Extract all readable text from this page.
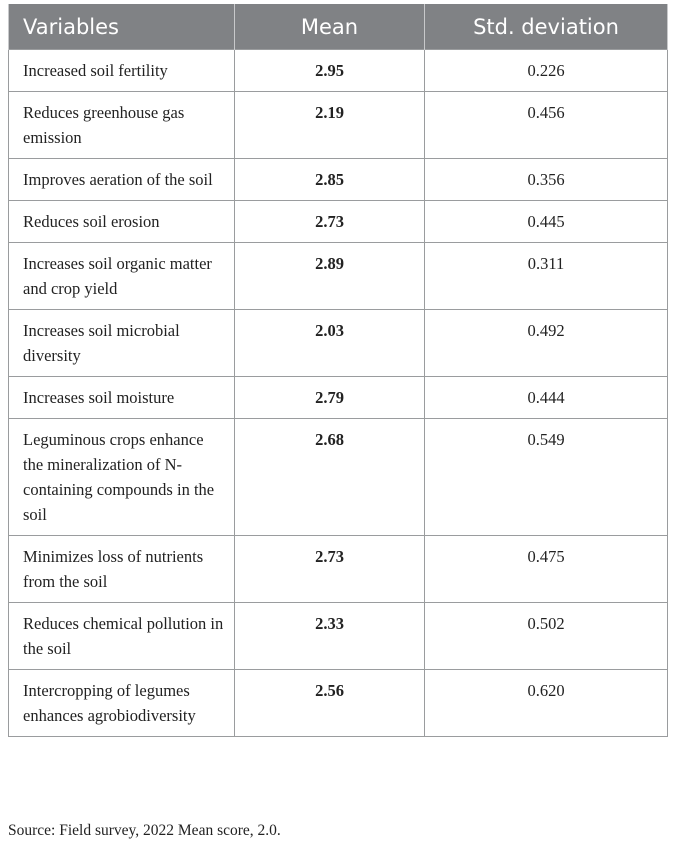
Variables	Mean	Std. deviation
Increased soil fertility	2.95	0.226
Reduces greenhouse gas emission	2.19	0.456
Improves aeration of the soil	2.85	0.356
Reduces soil erosion	2.73	0.445
Increases soil organic matter and crop yield	2.89	0.311
Increases soil microbial diversity	2.03	0.492
Increases soil moisture	2.79	0.444
Leguminous crops enhance the mineralization of N-containing compounds in the soil	2.68	0.549
Minimizes loss of nutrients from the soil	2.73	0.475
Reduces chemical pollution in the soil	2.33	0.502
Intercropping of legumes enhances agrobiodiversity	2.56	0.620
Source: Field survey, 2022 Mean score, 2.0.
